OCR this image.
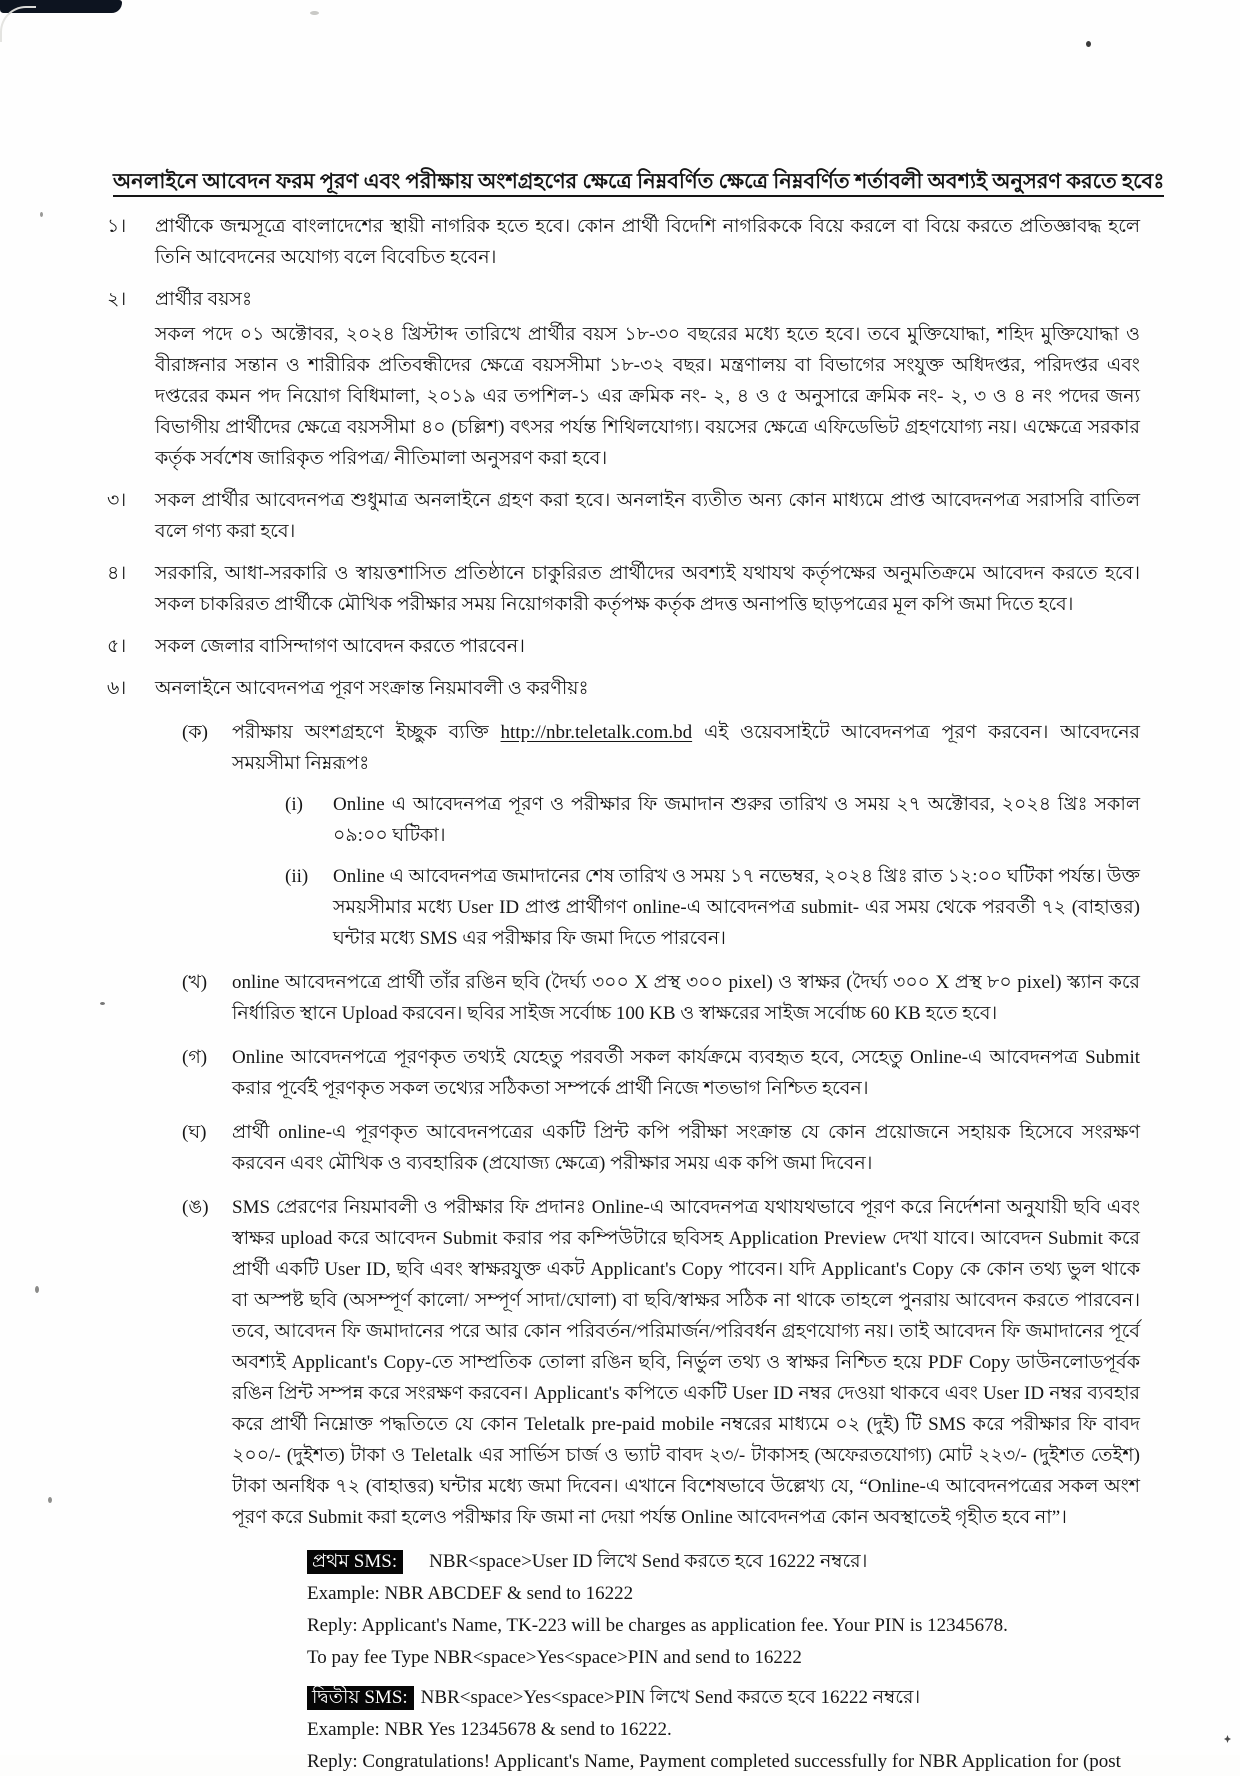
অনলাইনে আবেদন ফরম পূরণ এবং পরীক্ষায় অংশগ্রহণের ক্ষেত্রে নিম্নবর্ণিত ক্ষেত্রে নিম্নবর্ণিত শর্তাবলী অবশ্যই অনুসরণ করতে হবেঃ
১।	প্রার্থীকে জন্মসূত্রে বাংলাদেশের স্থায়ী নাগরিক হতে হবে। কোন প্রার্থী বিদেশি নাগরিককে বিয়ে করলে বা বিয়ে করতে প্রতিজ্ঞাবদ্ধ হলে তিনি আবেদনের অযোগ্য বলে বিবেচিত হবেন।
২।	প্রার্থীর বয়সঃ
সকল পদে ০১ অক্টোবর, ২০২৪ খ্রিস্টাব্দ তারিখে প্রার্থীর বয়স ১৮-৩০ বছরের মধ্যে হতে হবে। তবে মুক্তিযোদ্ধা, শহিদ মুক্তিযোদ্ধা ও বীরাঙ্গনার সন্তান ও শারীরিক প্রতিবন্ধীদের ক্ষেত্রে বয়সসীমা ১৮-৩২ বছর। মন্ত্রণালয় বা বিভাগের সংযুক্ত অধিদপ্তর, পরিদপ্তর এবং দপ্তরের কমন পদ নিয়োগ বিধিমালা, ২০১৯ এর তপশিল-১ এর ক্রমিক নং- ২, ৪ ও ৫ অনুসারে ক্রমিক নং- ২, ৩ ও ৪ নং পদের জন্য বিভাগীয় প্রার্থীদের ক্ষেত্রে বয়সসীমা ৪০ (চল্লিশ) বৎসর পর্যন্ত শিথিলযোগ্য। বয়সের ক্ষেত্রে এফিডেভিট গ্রহণযোগ্য নয়। এক্ষেত্রে সরকার কর্তৃক সর্বশেষ জারিকৃত পরিপত্র/ নীতিমালা অনুসরণ করা হবে।
৩।	সকল প্রার্থীর আবেদনপত্র শুধুমাত্র অনলাইনে গ্রহণ করা হবে। অনলাইন ব্যতীত অন্য কোন মাধ্যমে প্রাপ্ত আবেদনপত্র সরাসরি বাতিল বলে গণ্য করা হবে।
৪।	সরকারি, আধা-সরকারি ও স্বায়ত্তশাসিত প্রতিষ্ঠানে চাকুরিরত প্রার্থীদের অবশ্যই যথাযথ কর্তৃপক্ষের অনুমতিক্রমে আবেদন করতে হবে। সকল চাকরিরত প্রার্থীকে মৌখিক পরীক্ষার সময় নিয়োগকারী কর্তৃপক্ষ কর্তৃক প্রদত্ত অনাপত্তি ছাড়পত্রের মূল কপি জমা দিতে হবে।
৫।	সকল জেলার বাসিন্দাগণ আবেদন করতে পারবেন।
৬।	অনলাইনে আবেদনপত্র পূরণ সংক্রান্ত নিয়মাবলী ও করণীয়ঃ
(ক)	পরীক্ষায় অংশগ্রহণে ইচ্ছুক ব্যক্তি http://nbr.teletalk.com.bd এই ওয়েবসাইটে আবেদনপত্র পূরণ করবেন। আবেদনের সময়সীমা নিম্নরূপঃ
(i)	Online এ আবেদনপত্র পূরণ ও পরীক্ষার ফি জমাদান শুরুর তারিখ ও সময় ২৭ অক্টোবর, ২০২৪ খ্রিঃ সকাল ০৯:০০ ঘটিকা।
(ii)	Online এ আবেদনপত্র জমাদানের শেষ তারিখ ও সময় ১৭ নভেম্বর, ২০২৪ খ্রিঃ রাত ১২:০০ ঘটিকা পর্যন্ত। উক্ত সময়সীমার মধ্যে User ID প্রাপ্ত প্রার্থীগণ online-এ আবেদনপত্র submit- এর সময় থেকে পরবর্তী ৭২ (বাহাত্তর) ঘন্টার মধ্যে SMS এর পরীক্ষার ফি জমা দিতে পারবেন।
(খ)	online আবেদনপত্রে প্রার্থী তাঁর রঙিন ছবি (দৈর্ঘ্য ৩০০ X প্রস্থ ৩০০ pixel) ও স্বাক্ষর (দৈর্ঘ্য ৩০০ X প্রস্থ ৮০ pixel) স্ক্যান করে নির্ধারিত স্থানে Upload করবেন। ছবির সাইজ সর্বোচ্চ 100 KB ও স্বাক্ষরের সাইজ সর্বোচ্চ 60 KB হতে হবে।
(গ)	Online আবেদনপত্রে পূরণকৃত তথ্যই যেহেতু পরবর্তী সকল কার্যক্রমে ব্যবহৃত হবে, সেহেতু Online-এ আবেদনপত্র Submit করার পূর্বেই পূরণকৃত সকল তথ্যের সঠিকতা সম্পর্কে প্রার্থী নিজে শতভাগ নিশ্চিত হবেন।
(ঘ)	প্রার্থী online-এ পূরণকৃত আবেদনপত্রের একটি প্রিন্ট কপি পরীক্ষা সংক্রান্ত যে কোন প্রয়োজনে সহায়ক হিসেবে সংরক্ষণ করবেন এবং মৌখিক ও ব্যবহারিক (প্রযোজ্য ক্ষেত্রে) পরীক্ষার সময় এক কপি জমা দিবেন।
(ঙ)	SMS প্রেরণের নিয়মাবলী ও পরীক্ষার ফি প্রদানঃ Online-এ আবেদনপত্র যথাযথভাবে পূরণ করে নির্দেশনা অনুযায়ী ছবি এবং স্বাক্ষর upload করে আবেদন Submit করার পর কম্পিউটারে ছবিসহ Application Preview দেখা যাবে। আবেদন Submit করে প্রার্থী একটি User ID, ছবি এবং স্বাক্ষরযুক্ত একট Applicant's Copy পাবেন। যদি Applicant's Copy কে কোন তথ্য ভুল থাকে বা অস্পষ্ট ছবি (অসম্পূর্ণ কালো/ সম্পূর্ণ সাদা/ঘোলা) বা ছবি/স্বাক্ষর সঠিক না থাকে তাহলে পুনরায় আবেদন করতে পারবেন। তবে, আবেদন ফি জমাদানের পরে আর কোন পরিবর্তন/পরিমার্জন/পরিবর্ধন গ্রহণযোগ্য নয়। তাই আবেদন ফি জমাদানের পূর্বে অবশ্যই Applicant's Copy-তে সাম্প্রতিক তোলা রঙিন ছবি, নির্ভুল তথ্য ও স্বাক্ষর নিশ্চিত হয়ে PDF Copy ডাউনলোডপূর্বক রঙিন প্রিন্ট সম্পন্ন করে সংরক্ষণ করবেন। Applicant's কপিতে একটি User ID নম্বর দেওয়া থাকবে এবং User ID নম্বর ব্যবহার করে প্রার্থী নিম্নোক্ত পদ্ধতিতে যে কোন Teletalk pre-paid mobile নম্বরের মাধ্যমে ০২ (দুই) টি SMS করে পরীক্ষার ফি বাবদ ২০০/- (দুইশত) টাকা ও Teletalk এর সার্ভিস চার্জ ও ভ্যাট বাবদ ২৩/- টাকাসহ (অফেরতযোগ্য) মোট ২২৩/- (দুইশত তেইশ) টাকা অনধিক ৭২ (বাহাত্তর) ঘন্টার মধ্যে জমা দিবেন। এখানে বিশেষভাবে উল্লেখ্য যে, “Online-এ আবেদনপত্রের সকল অংশ পূরণ করে Submit করা হলেও পরীক্ষার ফি জমা না দেয়া পর্যন্ত Online আবেদনপত্র কোন অবস্থাতেই গৃহীত হবে না”।
প্রথম SMS: NBR<space>User ID লিখে Send করতে হবে 16222 নম্বরে।
Example: NBR ABCDEF & send to 16222
Reply: Applicant's Name, TK-223 will be charges as application fee. Your PIN is 12345678.
To pay fee Type NBR<space>Yes<space>PIN and send to 16222
দ্বিতীয় SMS: NBR<space>Yes<space>PIN লিখে Send করতে হবে 16222 নম্বরে।
Example: NBR Yes 12345678 & send to 16222.
Reply: Congratulations! Applicant's Name, Payment completed successfully for NBR Application for (post
